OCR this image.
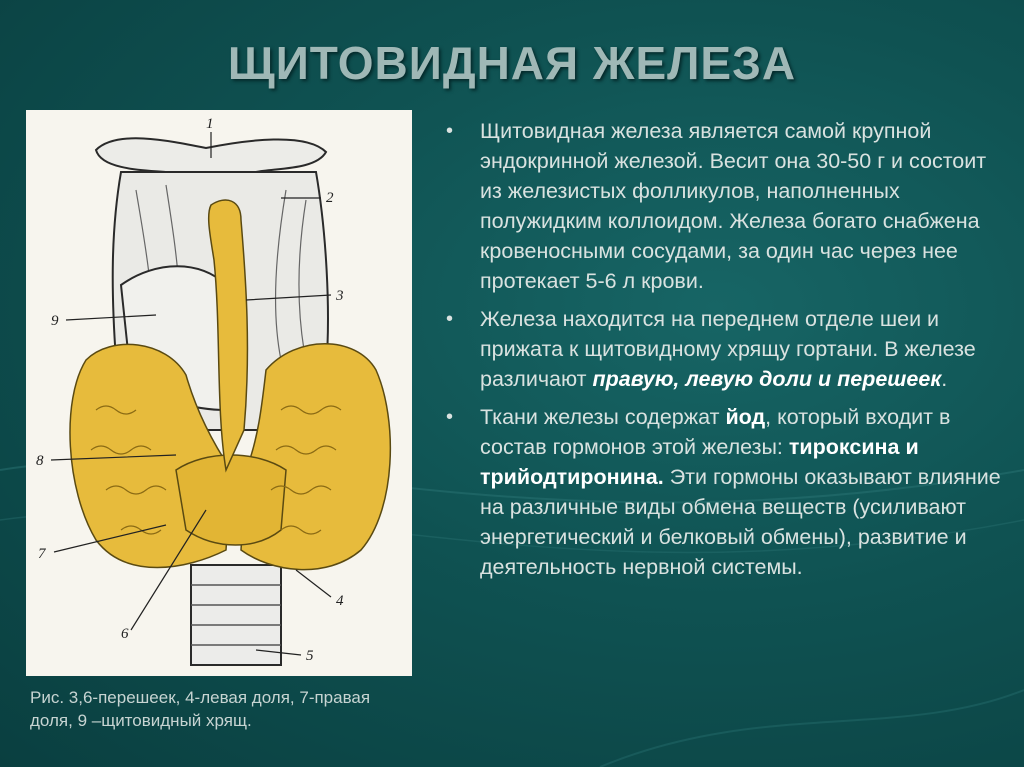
ЩИТОВИДНАЯ ЖЕЛЕЗА
1
2
3
4
5
6
7
8
9
Рис. 3,6-перешеек, 4-левая доля, 7-правая доля, 9 –щитовидный хрящ.
• Щитовидная железа является самой крупной эндокринной железой. Весит она 30-50 г и состоит из железистых фолликулов, наполненных полужидким коллоидом. Железа богато снабжена кровеносными сосудами, за один час через нее протекает 5-6 л крови.
• Железа находится на переднем отделе шеи и прижата к щитовидному хрящу гортани. В железе различают правую, левую доли и перешеек.
• Ткани железы содержат йод, который входит в состав гормонов этой железы: тироксина и трийодтиронина. Эти гормоны оказывают влияние на различные виды обмена веществ (усиливают энергетический и белковый обмены), развитие и деятельность нервной системы.
